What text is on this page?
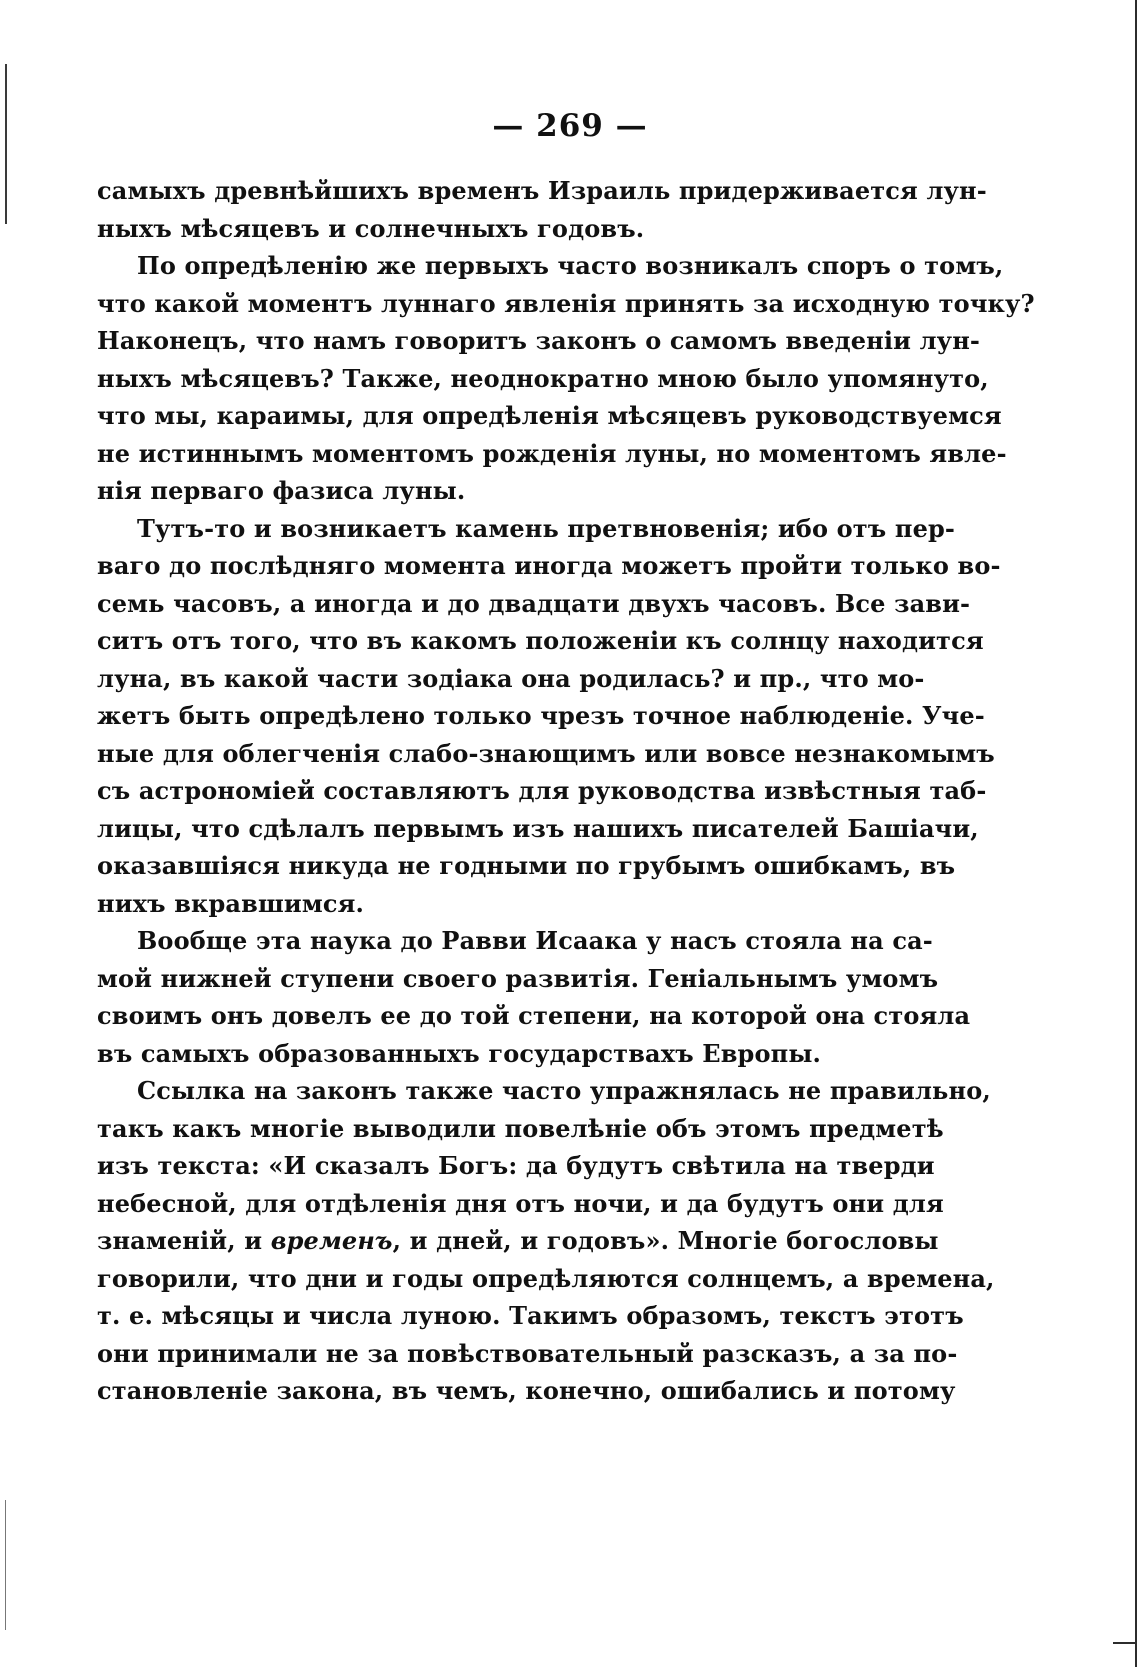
— 269 —
самыхъ древнѣйшихъ временъ Израиль придерживается лун-
ныхъ мѣсяцевъ и солнечныхъ годовъ.
По опредѣленію же первыхъ часто возникалъ споръ о томъ,
что какой моментъ луннаго явленія принять за исходную точку?
Наконецъ, что намъ говоритъ законъ о самомъ введеніи лун-
ныхъ мѣсяцевъ? Также, неоднократно мною было упомянуто,
что мы, караимы, для опредѣленія мѣсяцевъ руководствуемся
не истиннымъ моментомъ рожденія луны, но моментомъ явле-
нія перваго фазиса луны.
Тутъ-то и возникаетъ камень претвновенія; ибо отъ пер-
ваго до послѣдняго момента иногда можетъ пройти только во-
семь часовъ, а иногда и до двадцати двухъ часовъ. Все зави-
ситъ отъ того, что въ какомъ положеніи къ солнцу находится
луна, въ какой части зодіака она родилась? и пр., что мо-
жетъ быть опредѣлено только чрезъ точное наблюденіе. Уче-
ные для облегченія слабо-знающимъ или вовсе незнакомымъ
съ астрономіей составляютъ для руководства извѣстныя таб-
лицы, что сдѣлалъ первымъ изъ нашихъ писателей Башіачи,
оказавшіяся никуда не годными по грубымъ ошибкамъ, въ
нихъ вкравшимся.
Вообще эта наука до Равви Исаака у насъ стояла на са-
мой нижней ступени своего развитія. Геніальнымъ умомъ
своимъ онъ довелъ ее до той степени, на которой она стояла
въ самыхъ образованныхъ государствахъ Европы.
Ссылка на законъ также часто упражнялась не правильно,
такъ какъ многіе выводили повелѣніе объ этомъ предметѣ
изъ текста: «И сказалъ Богъ: да будутъ свѣтила на тверди
небесной, для отдѣленія дня отъ ночи, и да будутъ они для
знаменій, и временъ, и дней, и годовъ». Многіе богословы
говорили, что дни и годы опредѣляются солнцемъ, а времена,
т. е. мѣсяцы и числа луною. Такимъ образомъ, текстъ этотъ
они принимали не за повѣствовательный разсказъ, а за по-
становленіе закона, въ чемъ, конечно, ошибались и потому
